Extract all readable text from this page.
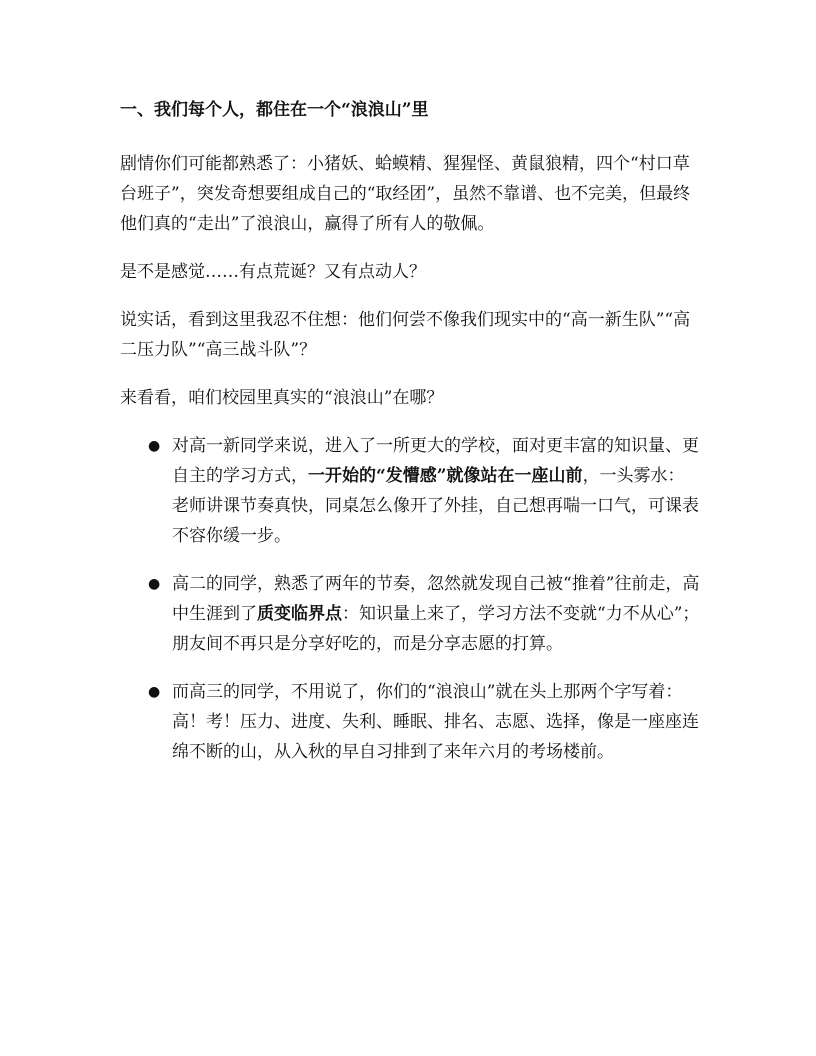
一、我们每个人，都住在一个“浪浪山”里

剧情你们可能都熟悉了：小猪妖、蛤蟆精、猩猩怪、黄鼠狼精，四个“村口草台班子”，突发奇想要组成自己的“取经团”，虽然不靠谱、也不完美，但最终他们真的“走出”了浪浪山，赢得了所有人的敬佩。

是不是感觉……有点荒诞？又有点动人？

说实话，看到这里我忍不住想：他们何尝不像我们现实中的“高一新生队”“高二压力队”“高三战斗队”？

来看看，咱们校园里真实的“浪浪山”在哪？

● 对高一新同学来说，进入了一所更大的学校，面对更丰富的知识量、更自主的学习方式，一开始的“发懵感”就像站在一座山前，一头雾水：老师讲课节奏真快，同桌怎么像开了外挂，自己想再喘一口气，可课表不容你缓一步。
● 高二的同学，熟悉了两年的节奏，忽然就发现自己被“推着”往前走，高中生涯到了质变临界点：知识量上来了，学习方法不变就“力不从心”；朋友间不再只是分享好吃的，而是分享志愿的打算。
● 而高三的同学，不用说了，你们的“浪浪山”就在头上那两个字写着：高！考！压力、进度、失利、睡眠、排名、志愿、选择，像是一座座连绵不断的山，从入秋的早自习排到了来年六月的考场楼前。
